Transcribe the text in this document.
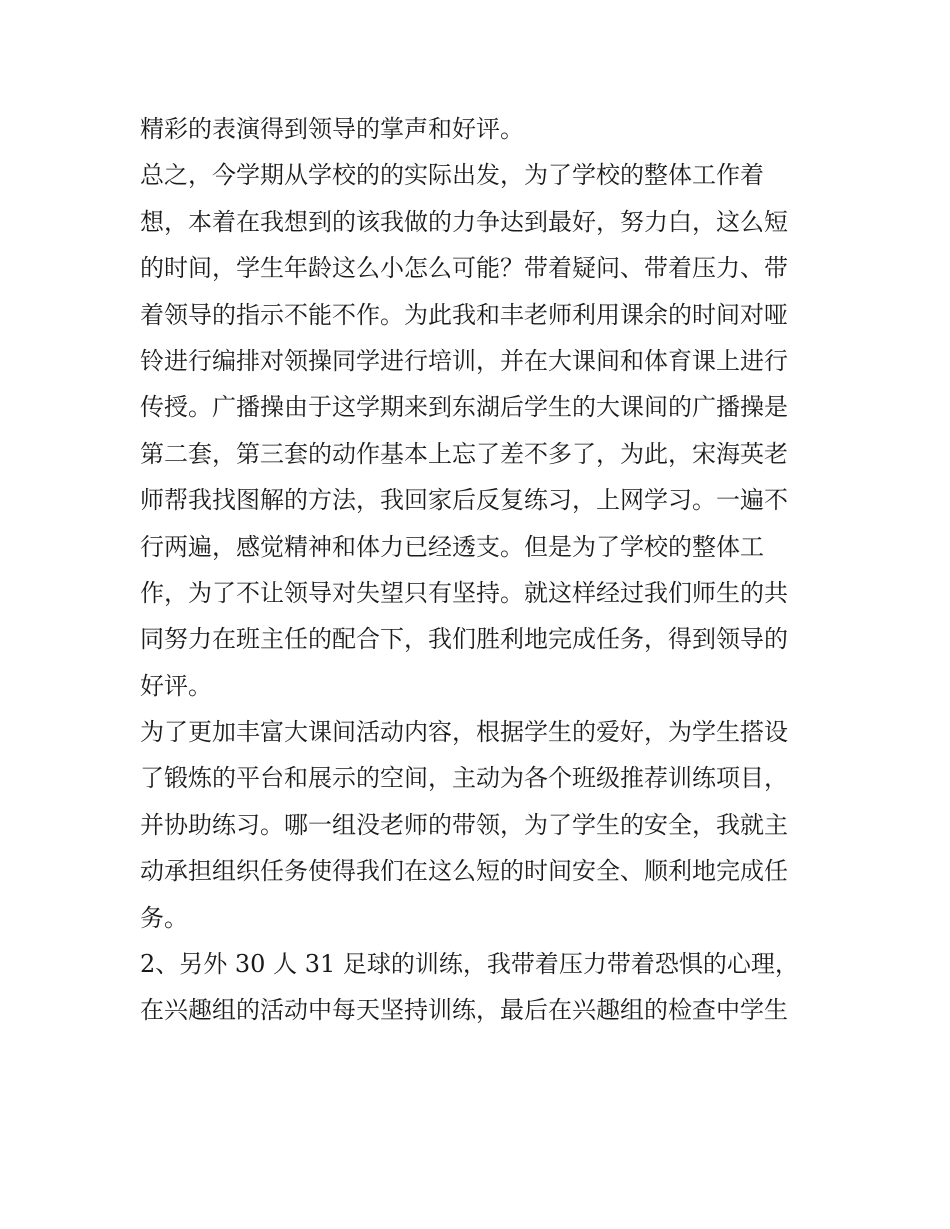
精彩的表演得到领导的掌声和好评。
总之，今学期从学校的的实际出发，为了学校的整体工作着
想，本着在我想到的该我做的力争达到最好，努力白，这么短
的时间，学生年龄这么小怎么可能？带着疑问、带着压力、带
着领导的指示不能不作。为此我和丰老师利用课余的时间对哑
铃进行编排对领操同学进行培训，并在大课间和体育课上进行
传授。广播操由于这学期来到东湖后学生的大课间的广播操是
第二套，第三套的动作基本上忘了差不多了，为此，宋海英老
师帮我找图解的方法，我回家后反复练习，上网学习。一遍不
行两遍，感觉精神和体力已经透支。但是为了学校的整体工
作，为了不让领导对失望只有坚持。就这样经过我们师生的共
同努力在班主任的配合下，我们胜利地完成任务，得到领导的
好评。
为了更加丰富大课间活动内容，根据学生的爱好，为学生搭设
了锻炼的平台和展示的空间，主动为各个班级推荐训练项目，
并协助练习。哪一组没老师的带领，为了学生的安全，我就主
动承担组织任务使得我们在这么短的时间安全、顺利地完成任
务。
2、另外 30 人 31 足球的训练，我带着压力带着恐惧的心理，
在兴趣组的活动中每天坚持训练，最后在兴趣组的检查中学生
